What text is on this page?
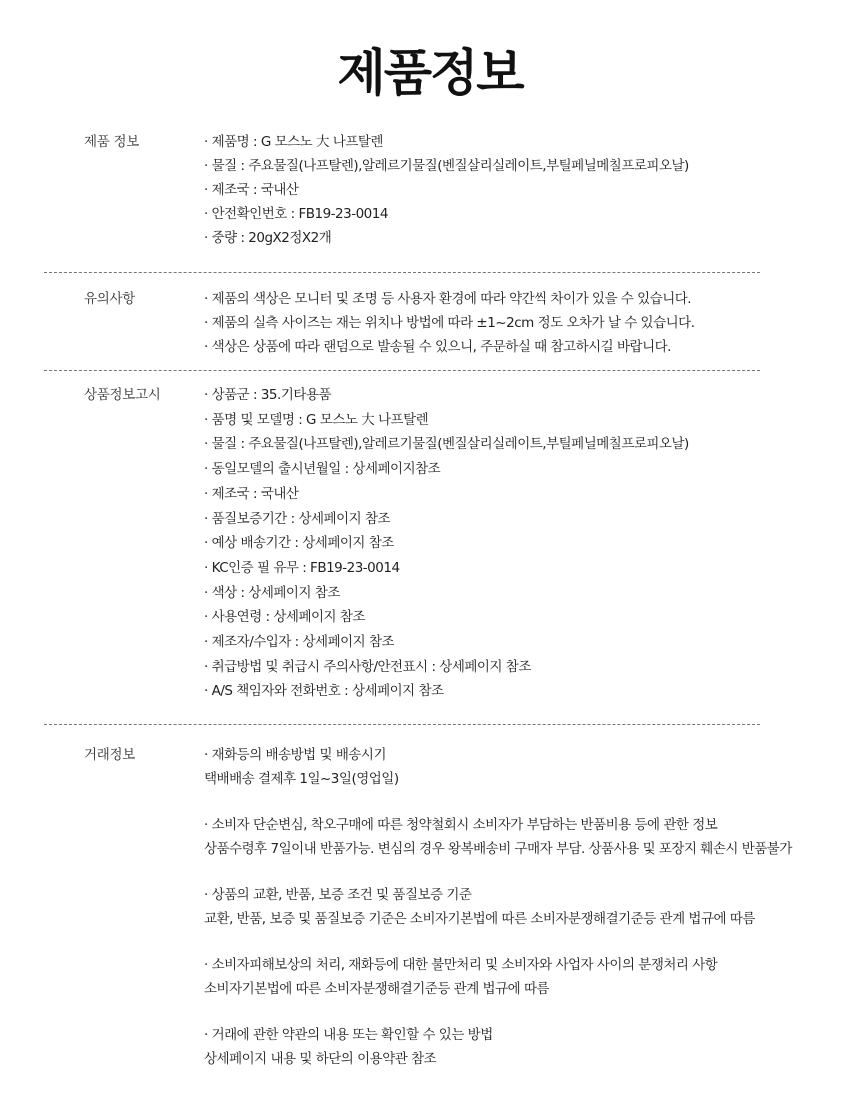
제품정보
제품 정보	· 제품명 : G 모스노 大 나프탈렌
· 물질 : 주요물질(나프탈렌),알레르기물질(벤질살리실레이트,부틸페닐메칠프로피오날)
· 제조국 : 국내산
· 안전확인번호 : FB19-23-0014
· 중량 : 20gX2정X2개
유의사항	· 제품의 색상은 모니터 및 조명 등 사용자 환경에 따라 약간씩 차이가 있을 수 있습니다.
· 제품의 실측 사이즈는 재는 위치나 방법에 따라 ±1~2cm 정도 오차가 날 수 있습니다.
· 색상은 상품에 따라 랜덤으로 발송될 수 있으니, 주문하실 때 참고하시길 바랍니다.
상품정보고시	· 상품군 : 35.기타용품
· 품명 및 모델명 : G 모스노 大 나프탈렌
· 물질 : 주요물질(나프탈렌),알레르기물질(벤질살리실레이트,부틸페닐메칠프로피오날)
· 동일모델의 출시년월일 : 상세페이지참조
· 제조국 : 국내산
· 품질보증기간 : 상세페이지 참조
· 예상 배송기간 : 상세페이지 참조
· KC인증 필 유무 : FB19-23-0014
· 색상 : 상세페이지 참조
· 사용연령 : 상세페이지 참조
· 제조자/수입자 : 상세페이지 참조
· 취급방법 및 취급시 주의사항/안전표시 : 상세페이지 참조
· A/S 책임자와 전화번호 : 상세페이지 참조
거래정보	· 재화등의 배송방법 및 배송시기
택배배송 결제후 1일~3일(영업일)
· 소비자 단순변심, 착오구매에 따른 청약철회시 소비자가 부담하는 반품비용 등에 관한 정보
상품수령후 7일이내 반품가능. 변심의 경우 왕복배송비 구매자 부담. 상품사용 및 포장지 훼손시 반품불가
· 상품의 교환, 반품, 보증 조건 및 품질보증 기준
교환, 반품, 보증 및 품질보증 기준은 소비자기본법에 따른 소비자분쟁해결기준등 관계 법규에 따름
· 소비자피해보상의 처리, 재화등에 대한 불만처리 및 소비자와 사업자 사이의 분쟁처리 사항
소비자기본법에 따른 소비자분쟁해결기준등 관계 법규에 따름
· 거래에 관한 약관의 내용 또는 확인할 수 있는 방법
상세페이지 내용 및 하단의 이용약관 참조
